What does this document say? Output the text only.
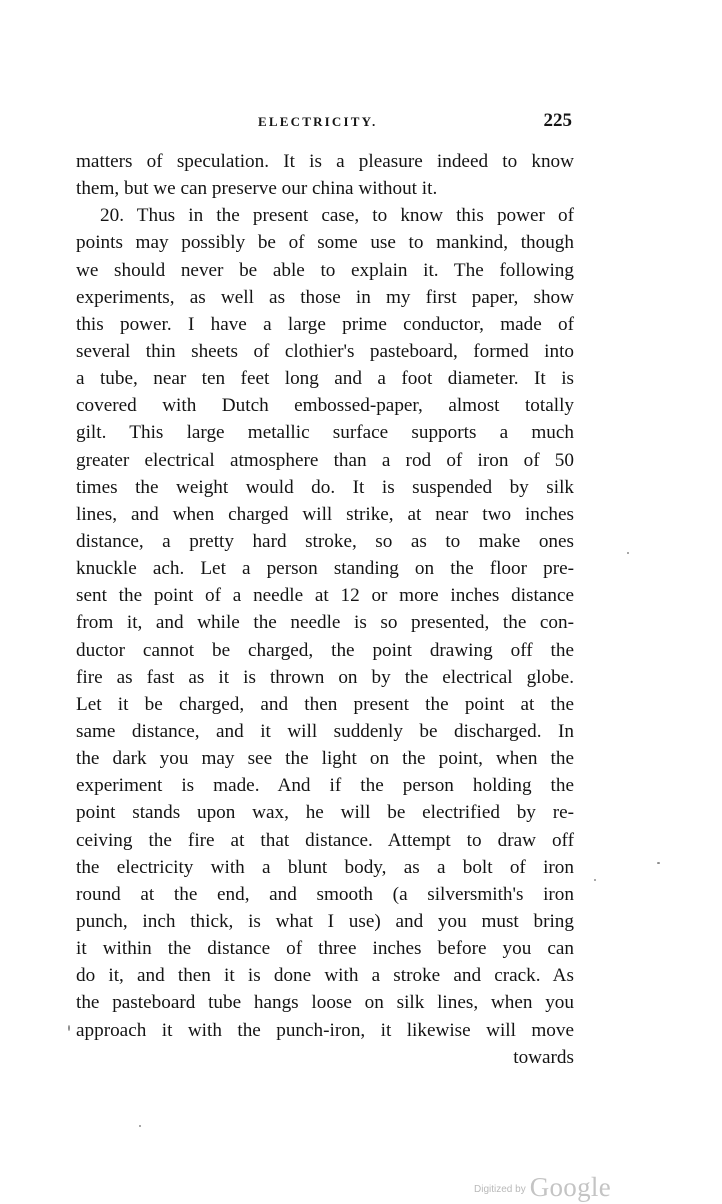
ELECTRICITY.	225
matters of speculation. It is a pleasure indeed to know
them, but we can preserve our china without it.
20. Thus in the present case, to know this power of
points may possibly be of some use to mankind, though
we should never be able to explain it. The following
experiments, as well as those in my first paper, show
this power. I have a large prime conductor, made of
several thin sheets of clothier's pasteboard, formed into
a tube, near ten feet long and a foot diameter. It is
covered with Dutch embossed-paper, almost totally
gilt. This large metallic surface supports a much
greater electrical atmosphere than a rod of iron of 50
times the weight would do. It is suspended by silk
lines, and when charged will strike, at near two inches
distance, a pretty hard stroke, so as to make ones
knuckle ach. Let a person standing on the floor pre-
sent the point of a needle at 12 or more inches distance
from it, and while the needle is so presented, the con-
ductor cannot be charged, the point drawing off the
fire as fast as it is thrown on by the electrical globe.
Let it be charged, and then present the point at the
same distance, and it will suddenly be discharged. In
the dark you may see the light on the point, when the
experiment is made. And if the person holding the
point stands upon wax, he will be electrified by re-
ceiving the fire at that distance. Attempt to draw off
the electricity with a blunt body, as a bolt of iron
round at the end, and smooth (a silversmith's iron
punch, inch thick, is what I use) and you must bring
it within the distance of three inches before you can
do it, and then it is done with a stroke and crack. As
the pasteboard tube hangs loose on silk lines, when you
approach it with the punch-iron, it likewise will move
towards
$^{Digitized by}$ Google
